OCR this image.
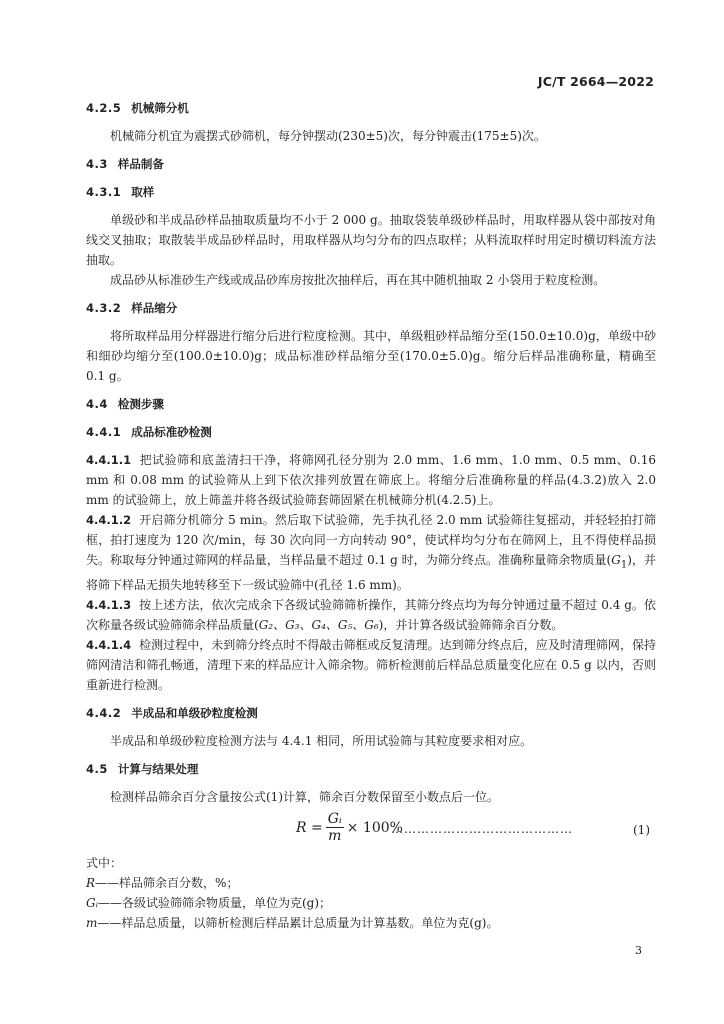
JC/T 2664—2022

4.2.5 机械筛分机

机械筛分机宜为震摆式砂筛机，每分钟摆动(230±5)次，每分钟震击(175±5)次。

4.3 样品制备

4.3.1 取样

单级砂和半成品砂样品抽取质量均不小于 2 000 g。抽取袋装单级砂样品时，用取样器从袋中部按对角线交叉抽取；取散装半成品砂样品时，用取样器从均匀分布的四点取样；从料流取样时用定时横切料流方法抽取。

成品砂从标准砂生产线或成品砂库房按批次抽样后，再在其中随机抽取 2 小袋用于粒度检测。

4.3.2 样品缩分

将所取样品用分样器进行缩分后进行粒度检测。其中，单级粗砂样品缩分至(150.0±10.0)g，单级中砂和细砂均缩分至(100.0±10.0)g；成品标准砂样品缩分至(170.0±5.0)g。缩分后样品准确称量，精确至 0.1 g。

4.4 检测步骤

4.4.1 成品标准砂检测

4.4.1.1 把试验筛和底盖清扫干净，将筛网孔径分别为 2.0 mm、1.6 mm、1.0 mm、0.5 mm、0.16 mm 和 0.08 mm 的试验筛从上到下依次排列放置在筛底上。将缩分后准确称量的样品(4.3.2)放入 2.0 mm 的试验筛上，放上筛盖并将各级试验筛套筛固紧在机械筛分机(4.2.5)上。

4.4.1.2 开启筛分机筛分 5 min。然后取下试验筛，先手执孔径 2.0 mm 试验筛往复摇动，并轻轻拍打筛框，拍打速度为 120 次/min，每 30 次向同一方向转动 90°，使试样均匀分布在筛网上，且不得使样品损失。称取每分钟通过筛网的样品量，当样品量不超过 0.1 g 时，为筛分终点。准确称量筛余物质量$(G_1)$，并将筛下样品无损失地转移至下一级试验筛中(孔径 1.6 mm)。

4.4.1.3 按上述方法，依次完成余下各级试验筛筛析操作，其筛分终点均为每分钟通过量不超过 0.4 g。依次称量各级试验筛筛余样品质量(G₂、G₃、G₄、G₅、G₆)，并计算各级试验筛筛余百分数。

4.4.1.4 检测过程中，未到筛分终点时不得敲击筛框或反复清理。达到筛分终点后，应及时清理筛网，保持筛网清洁和筛孔畅通，清理下来的样品应计入筛余物。筛析检测前后样品总质量变化应在 0.5 g 以内，否则重新进行检测。

4.4.2 半成品和单级砂粒度检测

半成品和单级砂粒度检测方法与 4.4.1 相同，所用试验筛与其粒度要求相对应。

4.5 计算与结果处理

检测样品筛余百分含量按公式(1)计算，筛余百分数保留至小数点后一位。

$R = \frac{\text{Gᵢ}}{m} \times 100\%$
……………………………………	(1)

式中：

R——样品筛余百分数，%；

Gᵢ——各级试验筛筛余物质量，单位为克(g)；

m——样品总质量，以筛析检测后样品累计总质量为计算基数。单位为克(g)。

3
